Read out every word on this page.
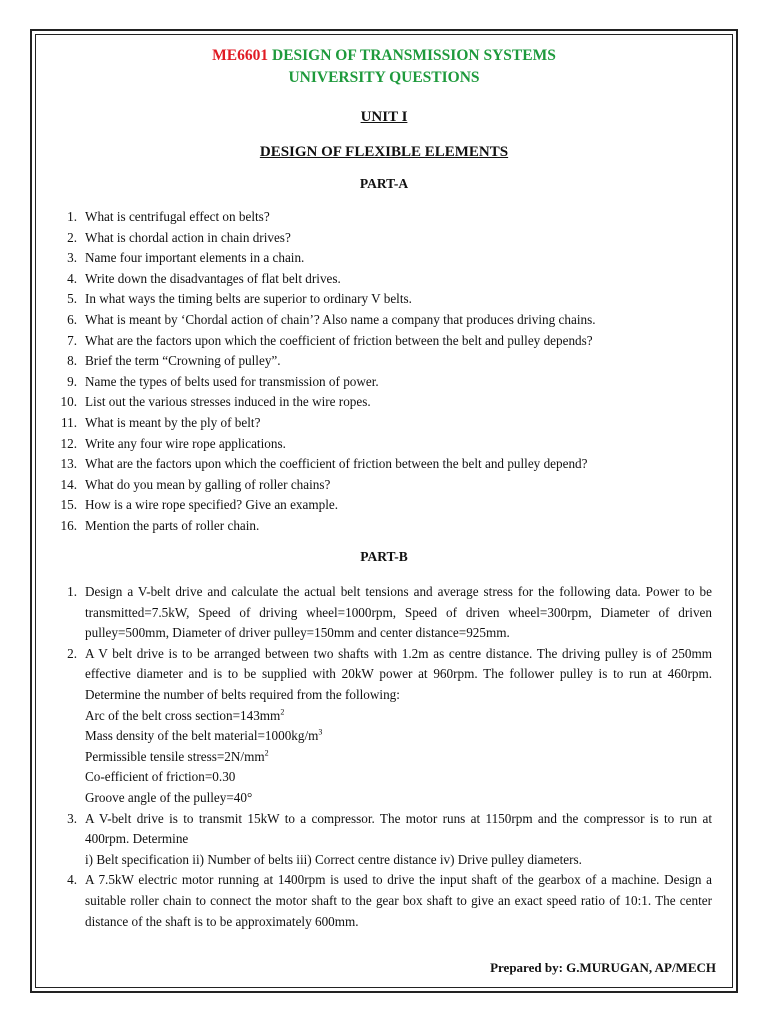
ME6601 DESIGN OF TRANSMISSION SYSTEMS
UNIVERSITY QUESTIONS
UNIT I
DESIGN OF FLEXIBLE ELEMENTS
PART-A
1. What is centrifugal effect on belts?
2. What is chordal action in chain drives?
3. Name four important elements in a chain.
4. Write down the disadvantages of flat belt drives.
5. In what ways the timing belts are superior to ordinary V belts.
6. What is meant by ‘Chordal action of chain’? Also name a company that produces driving chains.
7. What are the factors upon which the coefficient of friction between the belt and pulley depends?
8. Brief the term “Crowning of pulley”.
9. Name the types of belts used for transmission of power.
10. List out the various stresses induced in the wire ropes.
11. What is meant by the ply of belt?
12. Write any four wire rope applications.
13. What are the factors upon which the coefficient of friction between the belt and pulley depend?
14. What do you mean by galling of roller chains?
15. How is a wire rope specified? Give an example.
16. Mention the parts of roller chain.
PART-B
1. Design a V-belt drive and calculate the actual belt tensions and average stress for the following data. Power to be transmitted=7.5kW, Speed of driving wheel=1000rpm, Speed of driven wheel=300rpm, Diameter of driven pulley=500mm, Diameter of driver pulley=150mm and center distance=925mm.
2. A V belt drive is to be arranged between two shafts with 1.2m as centre distance. The driving pulley is of 250mm effective diameter and is to be supplied with 20kW power at 960rpm. The follower pulley is to run at 460rpm. Determine the number of belts required from the following:
Arc of the belt cross $section=143mm^2$
Mass density of the belt $material=1000kg/m^3$
Permissible tensile $stress=2N/mm^2$
Co-efficient of friction=0.30
Groove angle of the pulley=40°
3. A V-belt drive is to transmit 15kW to a compressor. The motor runs at 1150rpm and the compressor is to run at 400rpm. Determine
i) Belt specification ii) Number of belts iii) Correct centre distance iv) Drive pulley diameters.
4. A 7.5kW electric motor running at 1400rpm is used to drive the input shaft of the gearbox of a machine. Design a suitable roller chain to connect the motor shaft to the gear box shaft to give an exact speed ratio of 10:1. The center distance of the shaft is to be approximately 600mm.
Prepared by: G.MURUGAN, AP/MECH
